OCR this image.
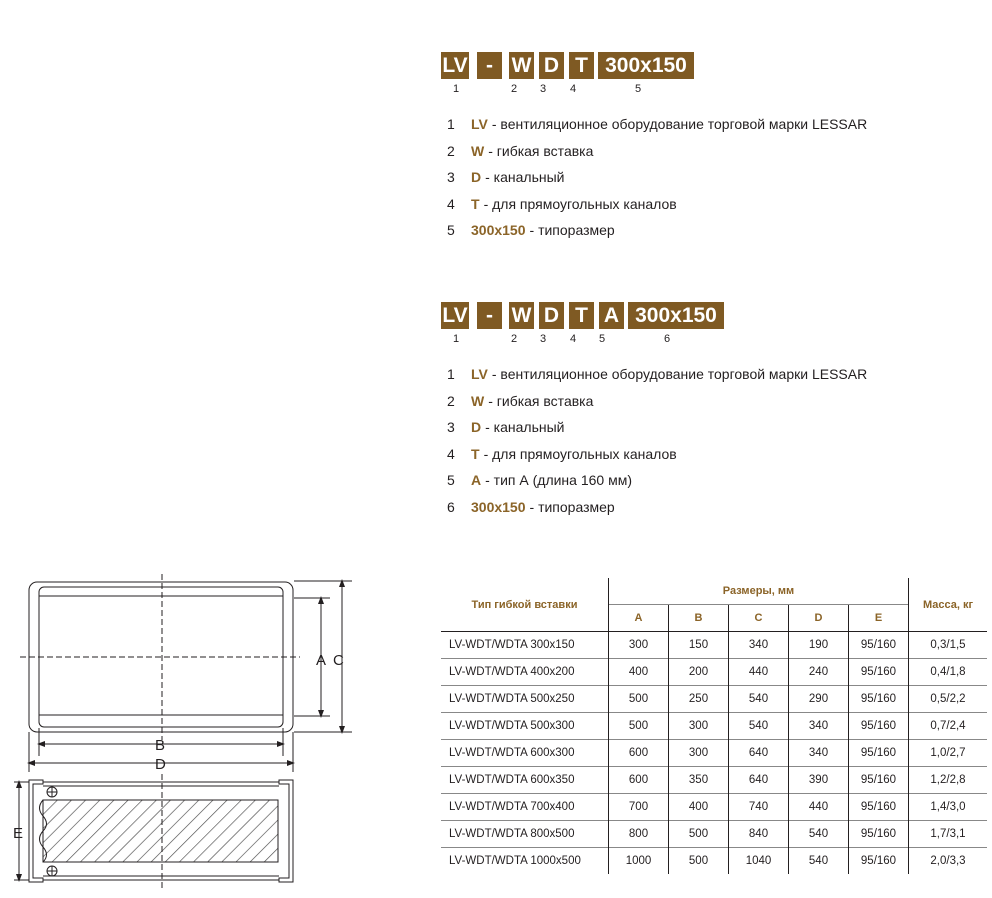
LV - W D T 300x150
1	2 3 4	5
1	LV - вентиляционное оборудование торговой марки LESSAR
2	W - гибкая вставка
3	D - канальный
4	T - для прямоугольных каналов
5	300x150 - типоразмер
LV - W D T A 300x150
1	2 3 4 5	6
1	LV - вентиляционное оборудование торговой марки LESSAR
2	W - гибкая вставка
3	D - канальный
4	T - для прямоугольных каналов
5	A - тип А (длина 160 мм)
6	300x150 - типоразмер
A C
B
D
E
Тип гибкой вставки	Размеры, мм					Масса, кг
	A	B	C	D	E	
LV-WDT/WDTA 300x150	300	150	340	190	95/160	0,3/1,5
LV-WDT/WDTA 400x200	400	200	440	240	95/160	0,4/1,8
LV-WDT/WDTA 500x250	500	250	540	290	95/160	0,5/2,2
LV-WDT/WDTA 500x300	500	300	540	340	95/160	0,7/2,4
LV-WDT/WDTA 600x300	600	300	640	340	95/160	1,0/2,7
LV-WDT/WDTA 600x350	600	350	640	390	95/160	1,2/2,8
LV-WDT/WDTA 700x400	700	400	740	440	95/160	1,4/3,0
LV-WDT/WDTA 800x500	800	500	840	540	95/160	1,7/3,1
LV-WDT/WDTA 1000x500	1000	500	1040	540	95/160	2,0/3,3
